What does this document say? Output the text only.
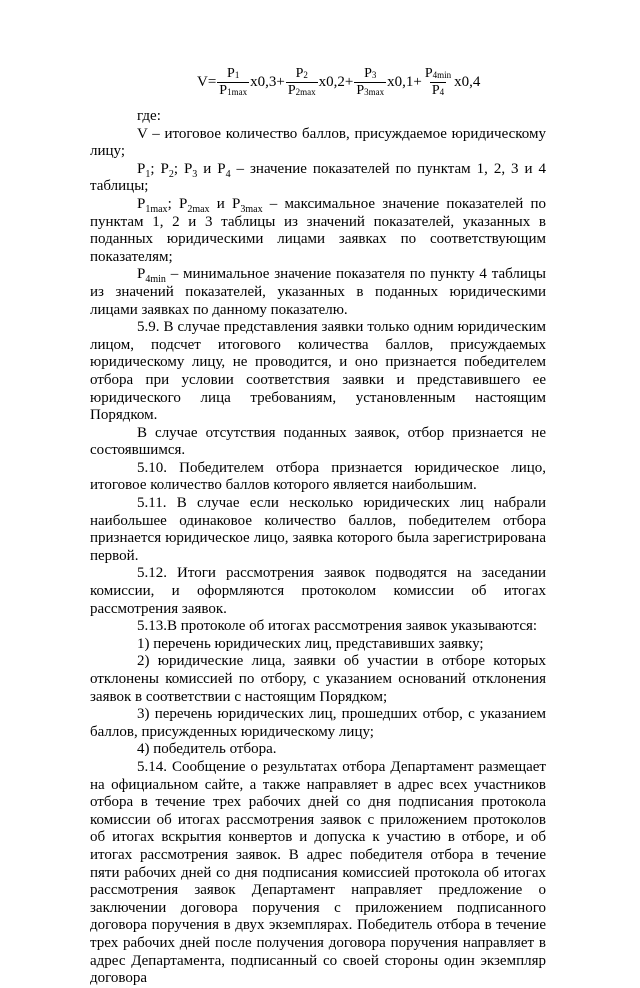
$V= \frac{P_1}{P_{1max}} х0,3+ \frac{P_2}{P_{2max}} x0,2+ \frac{P_3}{P_{3max}} х0,1+ \frac{P_{4min}}{P_4} х0,4$

где:

V – итоговое количество баллов, присуждаемое юридическому лицу;

$P_1$; $P_2$; $P_3$ и $P_4$ – значение показателей по пунктам 1, 2, 3 и 4 таблицы;

$P_{1max}$; $P_{2max}$ и $P_{3max}$ – максимальное значение показателей по пунктам 1, 2 и 3 таблицы из значений показателей, указанных в поданных юридическими лицами заявках по соответствующим показателям;

$P_{4min}$ – минимальное значение показателя по пункту 4 таблицы из значений показателей, указанных в поданных юридическими лицами заявках по данному показателю.

5.9. В случае представления заявки только одним юридическим лицом, подсчет итогового количества баллов, присуждаемых юридическому лицу, не проводится, и оно признается победителем отбора при условии соответствия заявки и представившего ее юридического лица требованиям, установленным настоящим Порядком.

В случае отсутствия поданных заявок, отбор признается не состоявшимся.

5.10. Победителем отбора признается юридическое лицо, итоговое количество баллов которого является наибольшим.

5.11. В случае если несколько юридических лиц набрали наибольшее одинаковое количество баллов, победителем отбора признается юридическое лицо, заявка которого была зарегистрирована первой.

5.12. Итоги рассмотрения заявок подводятся на заседании комиссии, и оформляются протоколом комиссии об итогах рассмотрения заявок.

5.13.В протоколе об итогах рассмотрения заявок указываются:

1) перечень юридических лиц, представивших заявку;

2) юридические лица, заявки об участии в отборе которых отклонены комиссией по отбору, с указанием оснований отклонения заявок в соответствии с настоящим Порядком;

3) перечень юридических лиц, прошедших отбор, с указанием баллов, присужденных юридическому лицу;

4) победитель отбора.

5.14. Сообщение о результатах отбора Департамент размещает на официальном сайте, а также направляет в адрес всех участников отбора в течение трех рабочих дней со дня подписания протокола комиссии об итогах рассмотрения заявок с приложением протоколов об итогах вскрытия конвертов и допуска к участию в отборе, и об итогах рассмотрения заявок. В адрес победителя отбора в течение пяти рабочих дней со дня подписания комиссией протокола об итогах рассмотрения заявок Департамент направляет предложение о заключении договора поручения с приложением подписанного договора поручения в двух экземплярах. Победитель отбора в течение трех рабочих дней после получения договора поручения направляет в адрес Департамента, подписанный со своей стороны один экземпляр договора
